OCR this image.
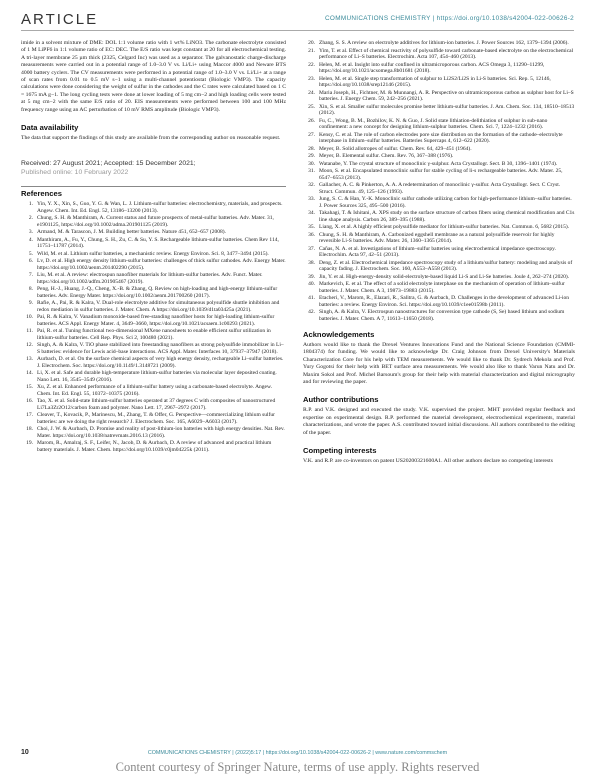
ARTICLE	COMMUNICATIONS CHEMISTRY | https://doi.org/10.1038/s42004-022-00626-2

imide in a solvent mixture of DME: DOL 1:1 volume ratio with 1 wt% LiNO3. The carbonate electrolyte consisted of 1 M LiPF6 in 1:1 volume ratio of EC: DEC. The E/S ratio was kept constant at 20 for all electrochemical testing. A tri-layer membrane 25 µm thick (2325, Celgard Inc) was used as a separator. The galvanostatic charge-discharge measurements were carried out in a potential range of 1.0–3.0 V vs. Li/Li+ using Maccor 4000 and Neware BTS 4000 battery cyclers. The CV measurements were performed in a potential range of 1.0–3.0 V vs. Li/Li+ at a range of scan rates from 0.01 to 0.5 mV s−1 using a multi-channel potentiostat (Biologic VMP3). The capacity calculations were done considering the weight of sulfur in the cathodes and the C rates were calculated based on 1 C = 1675 mA g−1. The long cycling tests were done at lower loading of 5 mg cm−2 and high loading cells were tested at 5 mg cm−2 with the same E/S ratio of 20. EIS measurements were performed between 100 and 100 MHz frequency range using an AC perturbation of 10 mV RMS amplitude (Biologic VMP3).

Data availability

The data that support the findings of this study are available from the corresponding author on reasonable request.

Received: 27 August 2021; Accepted: 15 December 2021;
Published online: 10 February 2022
References
1. Yin, Y. X., Xin, S., Guo, Y. G. & Wan, L. J. Lithium-sulfur batteries: electrochemistry, materials, and prospects. Angew. Chem. Int. Ed. Engl. 52, 13186–13200 (2013).
2. Chung, S. H. & Manthiram, A. Current status and future prospects of metal-sulfur batteries. Adv. Mater. 31, e1901125, https://doi.org/10.1002/adma.201901125 (2019).
3. Armand, M. & Tarascon, J. M. Building better batteries. Nature 451, 652–657 (2008).
4. Manthiram, A., Fu, Y., Chung, S. H., Zu, C. & Su, Y. S. Rechargeable lithium-sulfur batteries. Chem Rev 114, 11751–11787 (2014).
5. Wild, M. et al. Lithium sulfur batteries, a mechanistic review. Energy Environ. Sci. 8, 3477–3494 (2015).
6. Lv, D. et al. High energy density lithium-sulfur batteries: challenges of thick sulfur cathodes. Adv. Energy Mater. https://doi.org/10.1002/aenm.201402290 (2015).
7. Liu, M. et al. A review: electrospun nanofiber materials for lithium-sulfur batteries. Adv. Funct. Mater. https://doi.org/10.1002/adfm.201905467 (2019).
8. Peng, H.-J., Huang, J.-Q., Cheng, X.-B. & Zhang, Q. Review on high-loading and high-energy lithium-sulfur batteries. Adv. Energy Mater. https://doi.org/10.1002/aenm.201700260 (2017).
9. Rafie, A., Pai, R. & Kalra, V. Dual-role electrolyte additive for simultaneous polysulfide shuttle inhibition and redox mediation in sulfur batteries. J. Mater. Chem. A https://doi.org/10.1039/d1ta03425a (2021).
10. Pai, R. & Kalra, V. Vanadium monoxide-based free-standing nanofiber hosts for high-loading lithium-sulfur batteries. ACS Appl. Energy Mater. 4, 3649–3660, https://doi.org/10.1021/acsaem.1c00293 (2021).
11. Pai, R. et al. Tuning functional two-dimensional MXene nanosheets to enable efficient sulfur utilization in lithium-sulfur batteries. Cell Rep. Phys. Sci 2, 100480 (2021).
12. Singh, A. & Kalra, V. TiO phase stabilized into freestanding nanofibers as strong polysulfide immobilizer in Li–S batteries: evidence for Lewis acid–base interactions. ACS Appl. Mater. Interfaces 10, 37937–37947 (2018).
13. Aurbach, D. et al. On the surface chemical aspects of very high energy density, rechargeable Li–sulfur batteries. J. Electrochem. Soc. https://doi.org/10.1149/1.3148721 (2009).
14. Li, X. et al. Safe and durable high-temperature lithium-sulfur batteries via molecular layer deposited coating. Nano Lett. 16, 3545–3549 (2016).
15. Xu, Z. et al. Enhanced performance of a lithium-sulfur battery using a carbonate-based electrolyte. Angew. Chem. Int. Ed. Engl. 55, 10372–10375 (2016).
16. Tao, X. et al. Solid-state lithium-sulfur batteries operated at 37 degrees C with composites of nanostructured Li7La3Zr2O12/carbon foam and polymer. Nano Lett. 17, 2967–2972 (2017).
17. Cleaver, T., Kovacik, P., Marinescu, M., Zhang, T. & Offer, G. Perspective—commercializing lithium sulfur batteries: are we doing the right research? J. Electrochem. Soc. 165, A6029–A6033 (2017).
18. Choi, J. W. & Aurbach, D. Promise and reality of post-lithium-ion batteries with high energy densities. Nat. Rev. Mater. https://doi.org/10.1038/natrevmats.2016.13 (2016).
19. Marom, R., Amalraj, S. F., Leifer, N., Jacob, D. & Aurbach, D. A review of advanced and practical lithium battery materials. J. Mater. Chem. https://doi.org/10.1039/c0jm04225k (2011).
20. Zhang, S. S. A review on electrolyte additives for lithium-ion batteries. J. Power Sources 162, 1379–1394 (2006).
21. Yim, T. et al. Effect of chemical reactivity of polysulfide toward carbonate-based electrolyte on the electrochemical performance of Li–S batteries. Electrochim. Acta 107, 454–460 (2013).
22. Helen, M. et al. Insight into sulfur confined in ultramicroporous carbon. ACS Omega 3, 11290–11299, https://doi.org/10.1021/acsomega.8b01681 (2018).
23. Helen, M. et al. Single step transformation of sulphur to Li2S2/Li2S in Li-S batteries. Sci. Rep. 5, 12146, https://doi.org/10.1038/srep12146 (2015).
24. Maria Joseph, H., Fichtner, M. & Munnangi, A. R. Perspective on ultramicroporous carbon as sulphur host for Li–S batteries. J. Energy Chem. 59, 242–256 (2021).
25. Xin, S. et al. Smaller sulfur molecules promise better lithium-sulfur batteries. J. Am. Chem. Soc. 134, 18510–18513 (2012).
26. Fu, C., Wong, B. M., Bozhilov, K. N. & Guo, J. Solid state lithiation-delithiation of sulphur in sub-nano confinement: a new concept for designing lithium-sulphur batteries. Chem. Sci. 7, 1224–1232 (2016).
27. Kensy, C. et al. The role of carbon electrodes pore size distribution on the formation of the cathode–electrolyte interphase in lithium–sulfur batteries. Batteries Supercaps 4, 612–622 (2020).
28. Meyer, B. Solid allotropes of sulfur. Chem. Rev. 64, 429–451 (1964).
29. Meyer, B. Elemental sulfur. Chem. Rev. 76, 367–388 (1976).
30. Watanabe, Y. The crystal structure of monoclinic γ-sulphur. Acta Crystallogr. Sect. B 30, 1396–1401 (1974).
31. Moon, S. et al. Encapsulated monoclinic sulfur for stable cycling of li-s rechargeable batteries. Adv. Mater. 25, 6547–6553 (2013).
32. Gallacher, A. C. & Pinkerton, A. A. A redetermination of monoclinic γ-sulfur. Acta Crystallogr. Sect. C Cryst. Struct. Commun. 49, 125–126 (1993).
33. Jung, S. C. & Han, Y.-K. Monoclinic sulfur cathode utilizing carbon for high-performance lithium–sulfur batteries. J. Power Sources 325, 495–500 (2016).
34. Takahagi, T. & Ishitani, A. XPS study on the surface structure of carbon fibers using chemical modification and C1s line shape analysis. Carbon 26, 389–395 (1988).
35. Liang, X. et al. A highly efficient polysulfide mediator for lithium-sulfur batteries. Nat. Commun. 6, 5682 (2015).
36. Chung, S. H. & Manthiram, A. Carbonized eggshell membrane as a natural polysulfide reservoir for highly reversible Li-S batteries. Adv. Mater. 26, 1360–1365 (2014).
37. Cañas, N. A. et al. Investigations of lithium–sulfur batteries using electrochemical impedance spectroscopy. Electrochim. Acta 97, 42–51 (2013).
38. Deng, Z. et al. Electrochemical impedance spectroscopy study of a lithium/sulfur battery: modeling and analysis of capacity fading. J. Electrochem. Soc. 160, A553–A558 (2013).
39. Jin, Y. et al. High-energy-density solid-electrolyte-based liquid Li-S and Li-Se batteries. Joule 4, 262–274 (2020).
40. Markevich, E. et al. The effect of a solid electrolyte interphase on the mechanism of operation of lithium–sulfur batteries. J. Mater. Chem. A 3, 19873–19883 (2015).
41. Etacheri, V., Marom, R., Elazari, R., Salitra, G. & Aurbach, D. Challenges in the development of advanced Li-ion batteries: a review. Energy Environ. Sci. https://doi.org/10.1039/c1ee01598b (2011).
42. Singh, A. & Kalra, V. Electrospun nanostructures for conversion type cathode (S, Se) based lithium and sodium batteries. J. Mater. Chem. A 7, 11613–11650 (2018).
Acknowledgements

Authors would like to thank the Drexel Ventures Innovations Fund and the National Science Foundation (CMMI-1804374) for funding. We would like to acknowledge Dr. Craig Johnson from Drexel University's Materials Characterization Core for his help with TEM measurements. We would like to thank Dr. Sydrech Mekola and Prof. Yury Gogotsi for their help with BET surface area measurements. We would also like to thank Varun Natu and Dr. Maxim Sokol and Prof. Michel Barsoum's group for their help with material characterization and digital micrography and for reviewing the paper.

Author contributions

R.P. and V.K. designed and executed the study. V.K. supervised the project. MHT provided regular feedback and expertise on experimental design. R.P. performed the material development, electrochemical experiments, material characterizations, and wrote the paper. A.S. contributed toward initial discussions. All authors contributed to the editing of the paper.

Competing interests

V.K. and R.P. are co-inventors on patent US20200321600A1. All other authors declare no competing interests

10	COMMUNICATIONS CHEMISTRY | (2022)5:17 | https://doi.org/10.1038/s42004-022-00626-2 | www.nature.com/commschem
Content courtesy of Springer Nature, terms of use apply. Rights reserved
